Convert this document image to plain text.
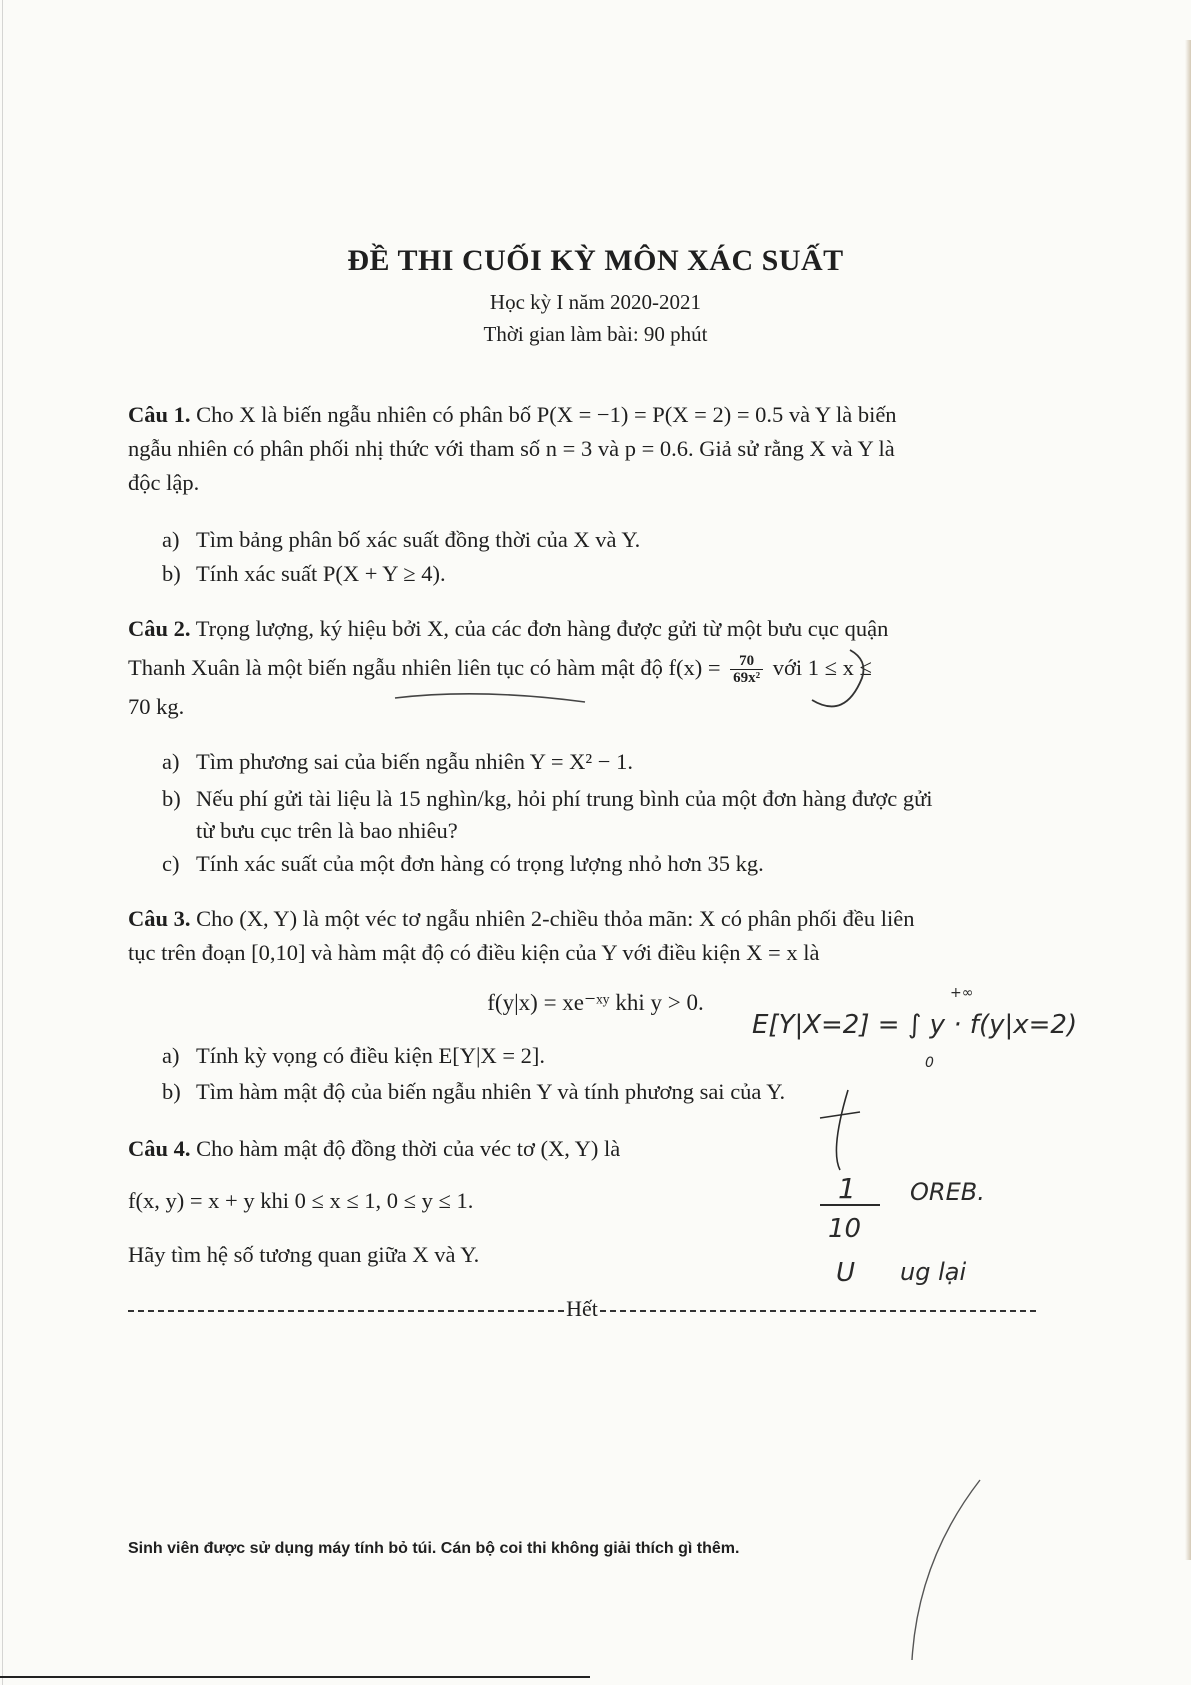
ĐỀ THI CUỐI KỲ MÔN XÁC SUẤT
Học kỳ I năm 2020-2021
Thời gian làm bài: 90 phút
Câu 1. Cho X là biến ngẫu nhiên có phân bố P(X = −1) = P(X = 2) = 0.5 và Y là biến
ngẫu nhiên có phân phối nhị thức với tham số n = 3 và p = 0.6. Giả sử rằng X và Y là
độc lập.
a) Tìm bảng phân bố xác suất đồng thời của X và Y.
b) Tính xác suất P(X + Y ≥ 4).
Câu 2. Trọng lượng, ký hiệu bởi X, của các đơn hàng được gửi từ một bưu cục quận
Thanh Xuân là một biến ngẫu nhiên liên tục có hàm mật độ $f(x) = \frac{70}{\text{69x²}}$ với 1 ≤ x ≤
70 kg.
a) Tìm phương sai của biến ngẫu nhiên Y = X² − 1.
b) Nếu phí gửi tài liệu là 15 nghìn/kg, hỏi phí trung bình của một đơn hàng được gửi
từ bưu cục trên là bao nhiêu?
c) Tính xác suất của một đơn hàng có trọng lượng nhỏ hơn 35 kg.
Câu 3. Cho (X, Y) là một véc tơ ngẫu nhiên 2-chiều thỏa mãn: X có phân phối đều liên
tục trên đoạn [0,10] và hàm mật độ có điều kiện của Y với điều kiện X = x là
f(y|x) = xe⁻ˣʸ khi y > 0.
a) Tính kỳ vọng có điều kiện E[Y|X = 2].
b) Tìm hàm mật độ của biến ngẫu nhiên Y và tính phương sai của Y.
Câu 4. Cho hàm mật độ đồng thời của véc tơ (X, Y) là
f(x, y) = x + y khi 0 ≤ x ≤ 1, 0 ≤ y ≤ 1.
Hãy tìm hệ số tương quan giữa X và Y.
Hết
Sinh viên được sử dụng máy tính bỏ túi. Cán bộ coi thi không giải thích gì thêm.
E[Y|X=2] = ∫ y · f(y|x=2)
+∞
0
1
10
OREB.
U ug lại
